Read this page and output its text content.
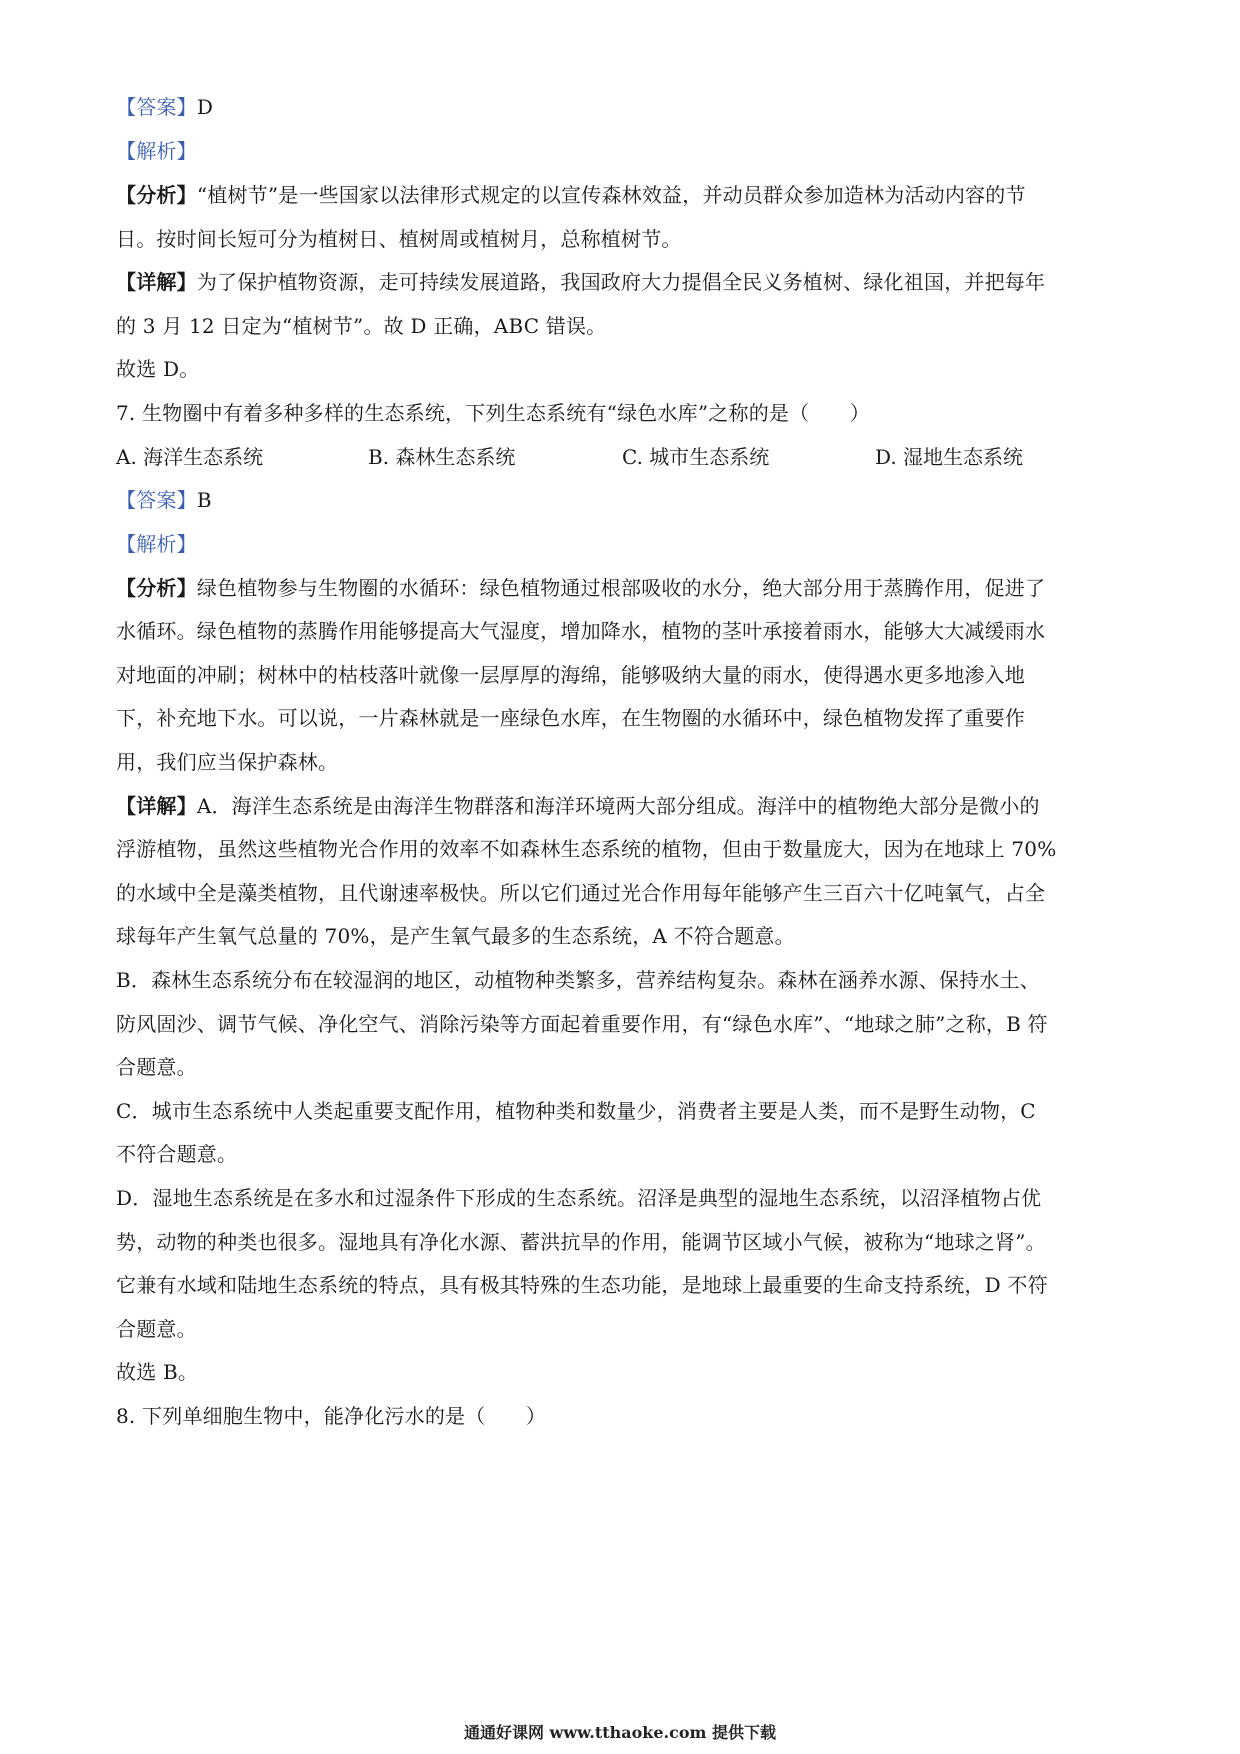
【答案】D
【解析】
【分析】“植树节”是一些国家以法律形式规定的以宣传森林效益，并动员群众参加造林为活动内容的节
日。按时间长短可分为植树日、植树周或植树月，总称植树节。
【详解】为了保护植物资源，走可持续发展道路，我国政府大力提倡全民义务植树、绿化祖国，并把每年
的 3 月 12 日定为“植树节”。故 D 正确，ABC 错误。
故选 D。
7. 生物圈中有着多种多样的生态系统，下列生态系统有“绿色水库”之称的是（　　）
A. 海洋生态系统	B. 森林生态系统	C. 城市生态系统	D. 湿地生态系统
【答案】B
【解析】
【分析】绿色植物参与生物圈的水循环：绿色植物通过根部吸收的水分，绝大部分用于蒸腾作用，促进了
水循环。绿色植物的蒸腾作用能够提高大气湿度，增加降水，植物的茎叶承接着雨水，能够大大减缓雨水
对地面的冲刷；树林中的枯枝落叶就像一层厚厚的海绵，能够吸纳大量的雨水，使得遇水更多地渗入地
下，补充地下水。可以说，一片森林就是一座绿色水库，在生物圈的水循环中，绿色植物发挥了重要作
用，我们应当保护森林。
【详解】A．海洋生态系统是由海洋生物群落和海洋环境两大部分组成。海洋中的植物绝大部分是微小的
浮游植物，虽然这些植物光合作用的效率不如森林生态系统的植物，但由于数量庞大，因为在地球上 70%
的水域中全是藻类植物，且代谢速率极快。所以它们通过光合作用每年能够产生三百六十亿吨氧气，占全
球每年产生氧气总量的 70%，是产生氧气最多的生态系统，A 不符合题意。
B．森林生态系统分布在较湿润的地区，动植物种类繁多，营养结构复杂。森林在涵养水源、保持水土、
防风固沙、调节气候、净化空气、消除污染等方面起着重要作用，有“绿色水库”、“地球之肺”之称，B 符
合题意。
C．城市生态系统中人类起重要支配作用，植物种类和数量少，消费者主要是人类，而不是野生动物，C
不符合题意。
D．湿地生态系统是在多水和过湿条件下形成的生态系统。沼泽是典型的湿地生态系统，以沼泽植物占优
势，动物的种类也很多。湿地具有净化水源、蓄洪抗旱的作用，能调节区域小气候，被称为“地球之肾”。
它兼有水域和陆地生态系统的特点，具有极其特殊的生态功能，是地球上最重要的生命支持系统，D 不符
合题意。
故选 B。
8. 下列单细胞生物中，能净化污水的是（　　）
通通好课网 www.tthaoke.com 提供下载
